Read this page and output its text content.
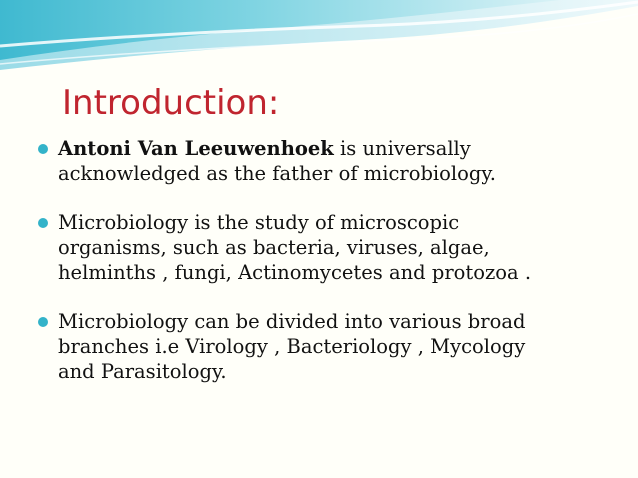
Introduction:
Antoni Van Leeuwenhoek is universally
acknowledged as the father of microbiology.
Microbiology is the study of microscopic
organisms, such as bacteria, viruses, algae,
helminths , fungi, Actinomycetes and protozoa .
Microbiology can be divided into various broad
branches i.e Virology , Bacteriology , Mycology
and Parasitology.
